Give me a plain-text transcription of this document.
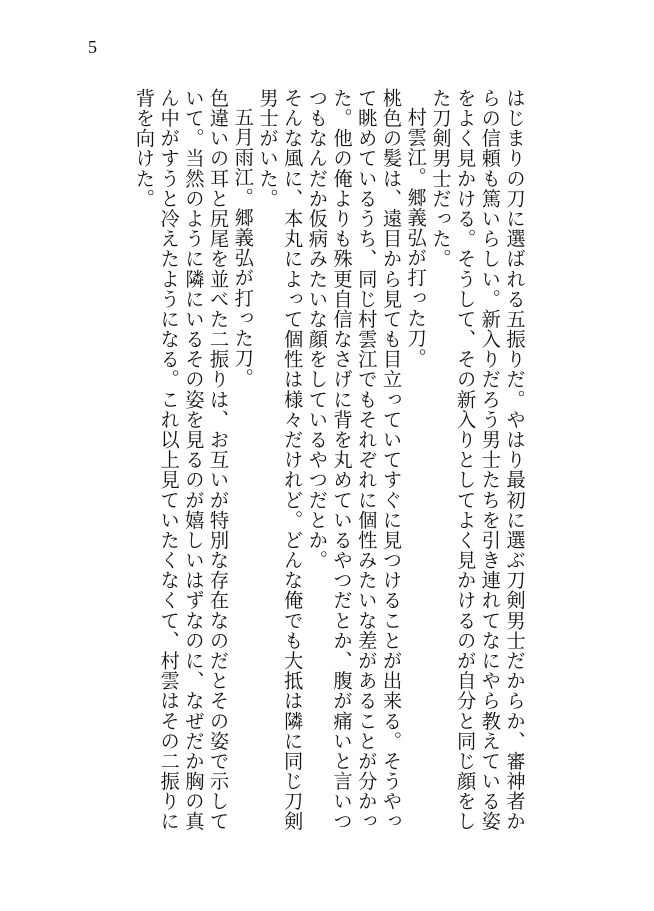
5

はじまりの刀に選ばれる五振りだ。やはり最初に選ぶ刀剣男士だからか、審神者からの信頼も篤いらしい。新入りだろう男士たちを引き連れてなにやら教えている姿をよく見かける。そうして、その新入りとしてよく見かけるのが自分と同じ顔をした刀剣男士だった。

村雲江。郷義弘が打った刀。

桃色の髪は、遠目から見ても目立っていてすぐに見つけることが出来る。そうやって眺めているうち、同じ村雲江でもそれぞれに個性みたいな差があることが分かった。他の俺よりも殊更自信なさげに背を丸めているやつだとか、腹が痛いと言いつつもなんだか仮病みたいな顔をしているやつだとか。

そんな風に、本丸によって個性は様々だけれど。どんな俺でも大抵は隣に同じ刀剣男士がいた。

五月雨江。郷義弘が打った刀。

色違いの耳と尻尾を並べた二振りは、お互いが特別な存在なのだとその姿で示していて。当然のように隣にいるその姿を見るのが嬉しいはずなのに、なぜだか胸の真ん中がすうと冷えたようになる。これ以上見ていたくなくて、村雲はその二振りに背を向けた。
